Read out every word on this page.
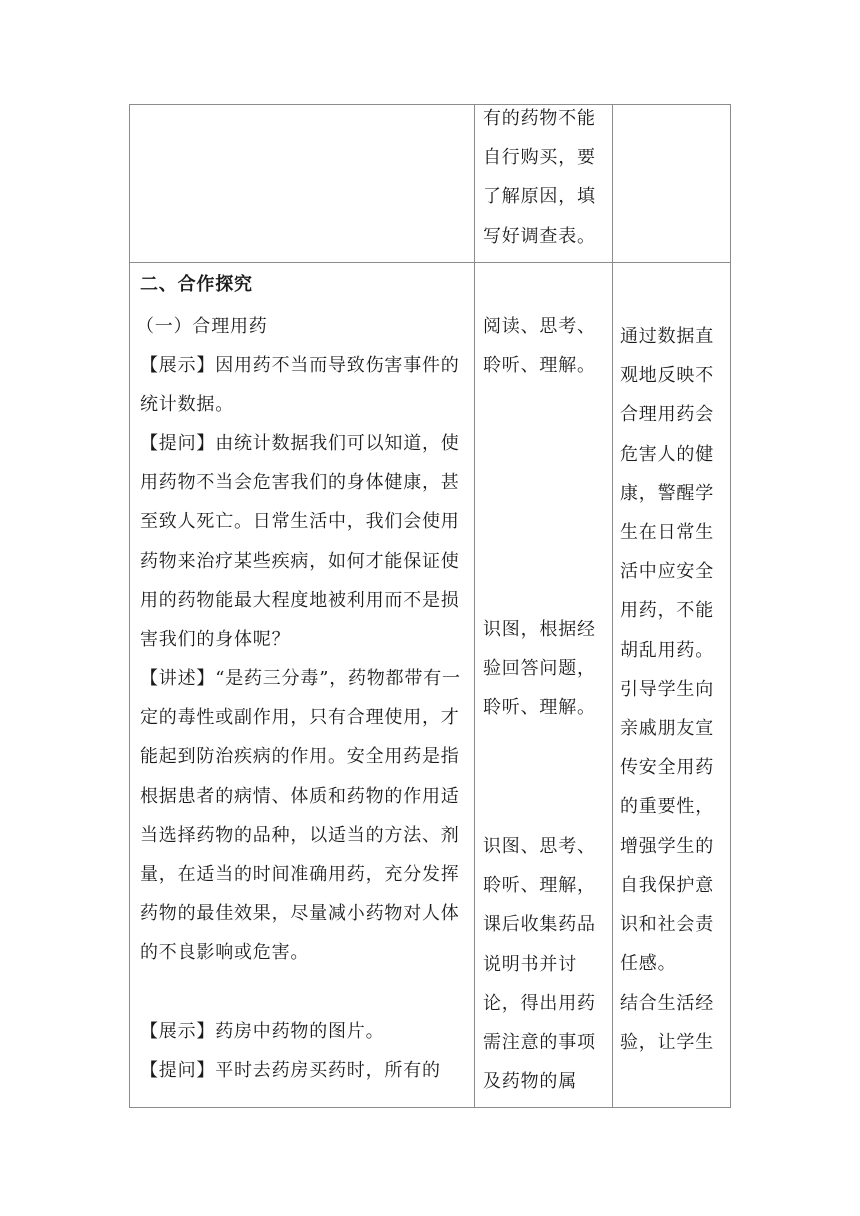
有的药物不能
自行购买，要
了解原因，填
写好调查表。
二、合作探究
（一）合理用药
【展示】因用药不当而导致伤害事件的统计数据。
【提问】由统计数据我们可以知道，使用药物不当会危害我们的身体健康，甚至致人死亡。日常生活中，我们会使用药物来治疗某些疾病，如何才能保证使用的药物能最大程度地被利用而不是损害我们的身体呢？
【讲述】“是药三分毒”，药物都带有一定的毒性或副作用，只有合理使用，才能起到防治疾病的作用。安全用药是指根据患者的病情、体质和药物的作用适当选择药物的品种，以适当的方法、剂量，在适当的时间准确用药，充分发挥药物的最佳效果，尽量减小药物对人体的不良影响或危害。
【展示】药房中药物的图片。
【提问】平时去药房买药时，所有的
阅读、思考、聆听、理解。
识图，根据经验回答问题，聆听、理解。
识图、思考、聆听、理解，课后收集药品说明书并讨论，得出用药需注意的事项及药物的属
通过数据直观地反映不合理用药会危害人的健康，警醒学生在日常生活中应安全用药，不能胡乱用药。引导学生向亲戚朋友宣传安全用药的重要性，增强学生的自我保护意识和社会责任感。
结合生活经验，让学生
